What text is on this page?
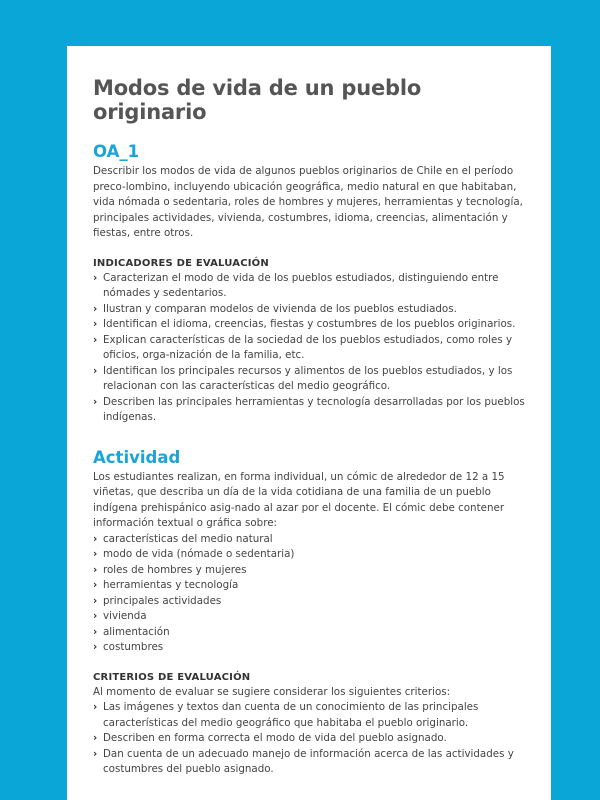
Modos de vida de un pueblo originario
OA_1

Describir los modos de vida de algunos pueblos originarios de Chile en el período preco-lombino, incluyendo ubicación geográfica, medio natural en que habitaban, vida nómada o sedentaria, roles de hombres y mujeres, herramientas y tecnología, principales actividades, vivienda, costumbres, idioma, creencias, alimentación y fiestas, entre otros.

INDICADORES DE EVALUACIÓN
› Caracterizan el modo de vida de los pueblos estudiados, distinguiendo entre nómades y sedentarios.
› Ilustran y comparan modelos de vivienda de los pueblos estudiados.
› Identifican el idioma, creencias, fiestas y costumbres de los pueblos originarios.
› Explican características de la sociedad de los pueblos estudiados, como roles y oficios, orga-nización de la familia, etc.
› Identifican los principales recursos y alimentos de los pueblos estudiados, y los relacionan con las características del medio geográfico.
› Describen las principales herramientas y tecnología desarrolladas por los pueblos indígenas.
Actividad

Los estudiantes realizan, en forma individual, un cómic de alrededor de 12 a 15 viñetas, que describa un día de la vida cotidiana de una familia de un pueblo indígena prehispánico asig-nado al azar por el docente. El cómic debe contener información textual o gráfica sobre:

› características del medio natural
› modo de vida (nómade o sedentaria)
› roles de hombres y mujeres
› herramientas y tecnología
› principales actividades
› vivienda
› alimentación
› costumbres
CRITERIOS DE EVALUACIÓN

Al momento de evaluar se sugiere considerar los siguientes criterios:

› Las imágenes y textos dan cuenta de un conocimiento de las principales características del medio geográfico que habitaba el pueblo originario.
› Describen en forma correcta el modo de vida del pueblo asignado.
› Dan cuenta de un adecuado manejo de información acerca de las actividades y costumbres del pueblo asignado.
